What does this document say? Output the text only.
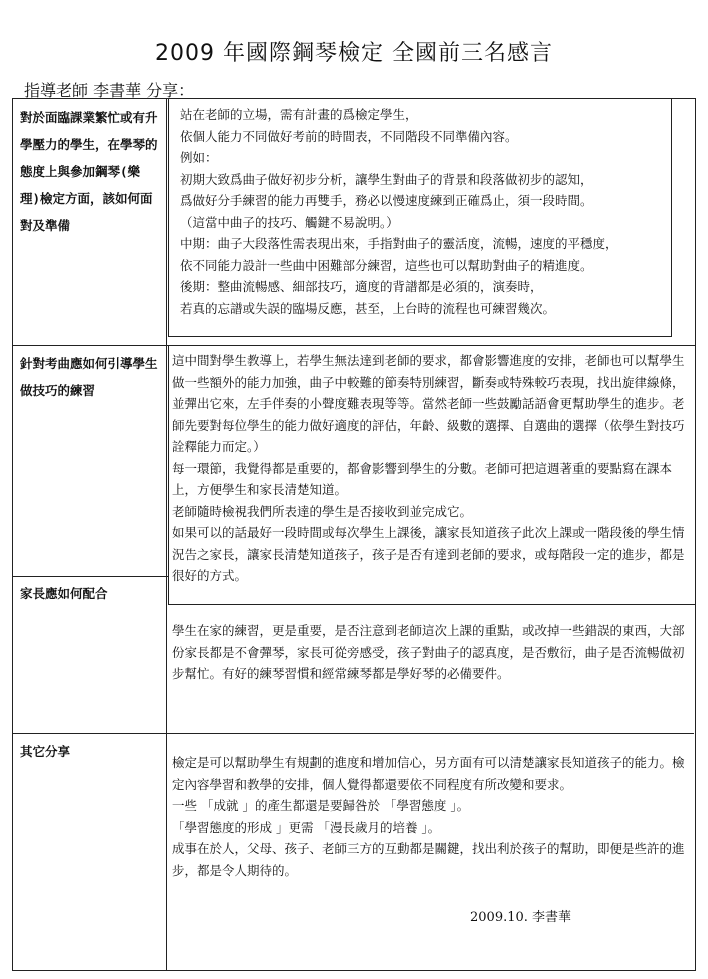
2009 年國際鋼琴檢定 全國前三名感言
指導老師 李書華 分享：
對於面臨課業繁忙或有升學壓力的學生，在學琴的態度上與參加鋼琴(樂理)檢定方面，該如何面對及準備

站在老師的立場，需有計畫的爲檢定學生，

依個人能力不同做好考前的時間表，不同階段不同準備內容。

例如：

初期大致爲曲子做好初步分析，讓學生對曲子的背景和段落做初步的認知，

爲做好分手練習的能力再雙手，務必以慢速度練到正確爲止，須一段時間。

（這當中曲子的技巧、觸鍵不易說明。）

中期：曲子大段落性需表現出來，手指對曲子的靈活度，流暢，速度的平穩度，

依不同能力設計一些曲中困難部分練習，這些也可以幫助對曲子的精進度。

後期：整曲流暢感、細部技巧，適度的背譜都是必須的，演奏時，

若真的忘譜或失誤的臨場反應，甚至，上台時的流程也可練習幾次。

針對考曲應如何引導學生做技巧的練習

這中間對學生教導上，若學生無法達到老師的要求，都會影響進度的安排，老師也可以幫學生做一些額外的能力加強，曲子中較難的節奏特別練習，斷奏或特殊較巧表現，找出旋律線條，並彈出它來，左手伴奏的小聲度難表現等等。當然老師一些鼓勵話語會更幫助學生的進步。老師先要對每位學生的能力做好適度的評估，年齡、級數的選擇、自選曲的選擇（依學生對技巧詮釋能力而定。）

每一環節，我覺得都是重要的，都會影響到學生的分數。老師可把這週著重的要點寫在課本上，方便學生和家長清楚知道。

老師隨時檢視我們所表達的學生是否接收到並完成它。

如果可以的話最好一段時間或每次學生上課後，讓家長知道孩子此次上課或一階段後的學生情況告之家長，讓家長清楚知道孩子，孩子是否有達到老師的要求，或每階段一定的進步，都是很好的方式。

家長應如何配合

學生在家的練習，更是重要，是否注意到老師這次上課的重點，或改掉一些錯誤的東西，大部份家長都是不會彈琴，家長可從旁感受，孩子對曲子的認真度，是否敷衍，曲子是否流暢做初步幫忙。有好的練琴習慣和經常練琴都是學好琴的必備要件。

其它分享

檢定是可以幫助學生有規劃的進度和增加信心，另方面有可以清楚讓家長知道孩子的能力。檢定內容學習和教學的安排，個人覺得都還要依不同程度有所改變和要求。

一些 「成就 」的產生都還是要歸咎於 「學習態度 」。

「學習態度的形成 」更需 「漫長歲月的培養 」。

成事在於人，父母、孩子、老師三方的互動都是關鍵，找出利於孩子的幫助，即便是些許的進步，都是令人期待的。

2009.10. 李書華
